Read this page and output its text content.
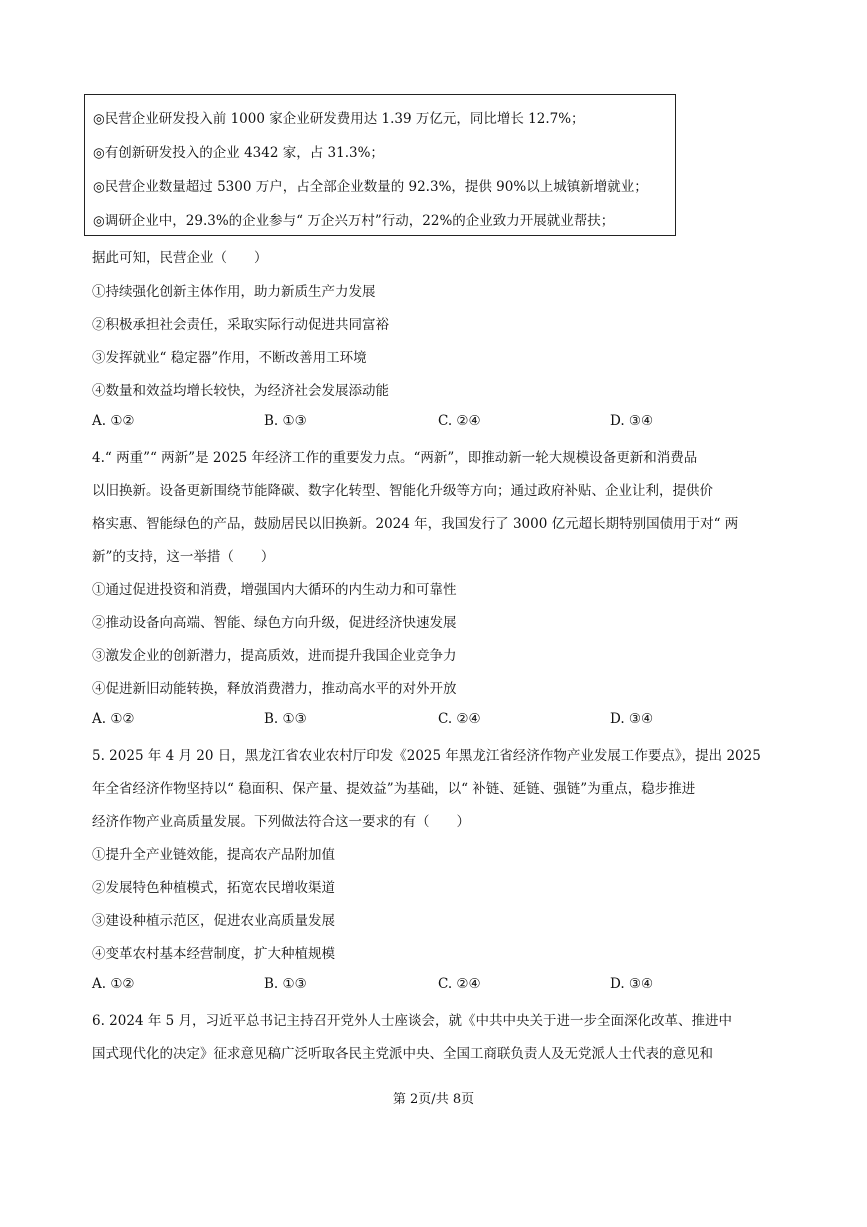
◎民营企业研发投入前 1000 家企业研发费用达 1.39 万亿元，同比增长 12.7%；
◎有创新研发投入的企业 4342 家，占 31.3%；
◎民营企业数量超过 5300 万户，占全部企业数量的 92.3%，提供 90%以上城镇新增就业；
◎调研企业中，29.3%的企业参与“ 万企兴万村”行动，22%的企业致力开展就业帮扶；
据此可知，民营企业（　　）
①持续强化创新主体作用，助力新质生产力发展
②积极承担社会责任，采取实际行动促进共同富裕
③发挥就业“ 稳定器”作用，不断改善用工环境
④数量和效益均增长较快，为经济社会发展添动能
A. ①②	B. ①③	C. ②④	D. ③④
4.“ 两重”“ 两新”是 2025 年经济工作的重要发力点。“两新”，即推动新一轮大规模设备更新和消费品
以旧换新。设备更新围绕节能降碳、数字化转型、智能化升级等方向；通过政府补贴、企业让利，提供价
格实惠、智能绿色的产品，鼓励居民以旧换新。2024 年，我国发行了 3000 亿元超长期特别国债用于对“ 两
新”的支持，这一举措（　　）
①通过促进投资和消费，增强国内大循环的内生动力和可靠性
②推动设备向高端、智能、绿色方向升级，促进经济快速发展
③激发企业的创新潜力，提高质效，进而提升我国企业竞争力
④促进新旧动能转换，释放消费潜力，推动高水平的对外开放
A. ①②	B. ①③	C. ②④	D. ③④
5. 2025 年 4 月 20 日，黑龙江省农业农村厅印发《2025 年黑龙江省经济作物产业发展工作要点》，提出 2025
年全省经济作物坚持以“ 稳面积、保产量、提效益”为基础，以“ 补链、延链、强链”为重点，稳步推进
经济作物产业高质量发展。下列做法符合这一要求的有（　　）
①提升全产业链效能，提高农产品附加值
②发展特色种植模式，拓宽农民增收渠道
③建设种植示范区，促进农业高质量发展
④变革农村基本经营制度，扩大种植规模
A. ①②	B. ①③	C. ②④	D. ③④
6. 2024 年 5 月，习近平总书记主持召开党外人士座谈会，就《中共中央关于进一步全面深化改革、推进中
国式现代化的决定》征求意见稿广泛听取各民主党派中央、全国工商联负责人及无党派人士代表的意见和
第 2页/共 8页
